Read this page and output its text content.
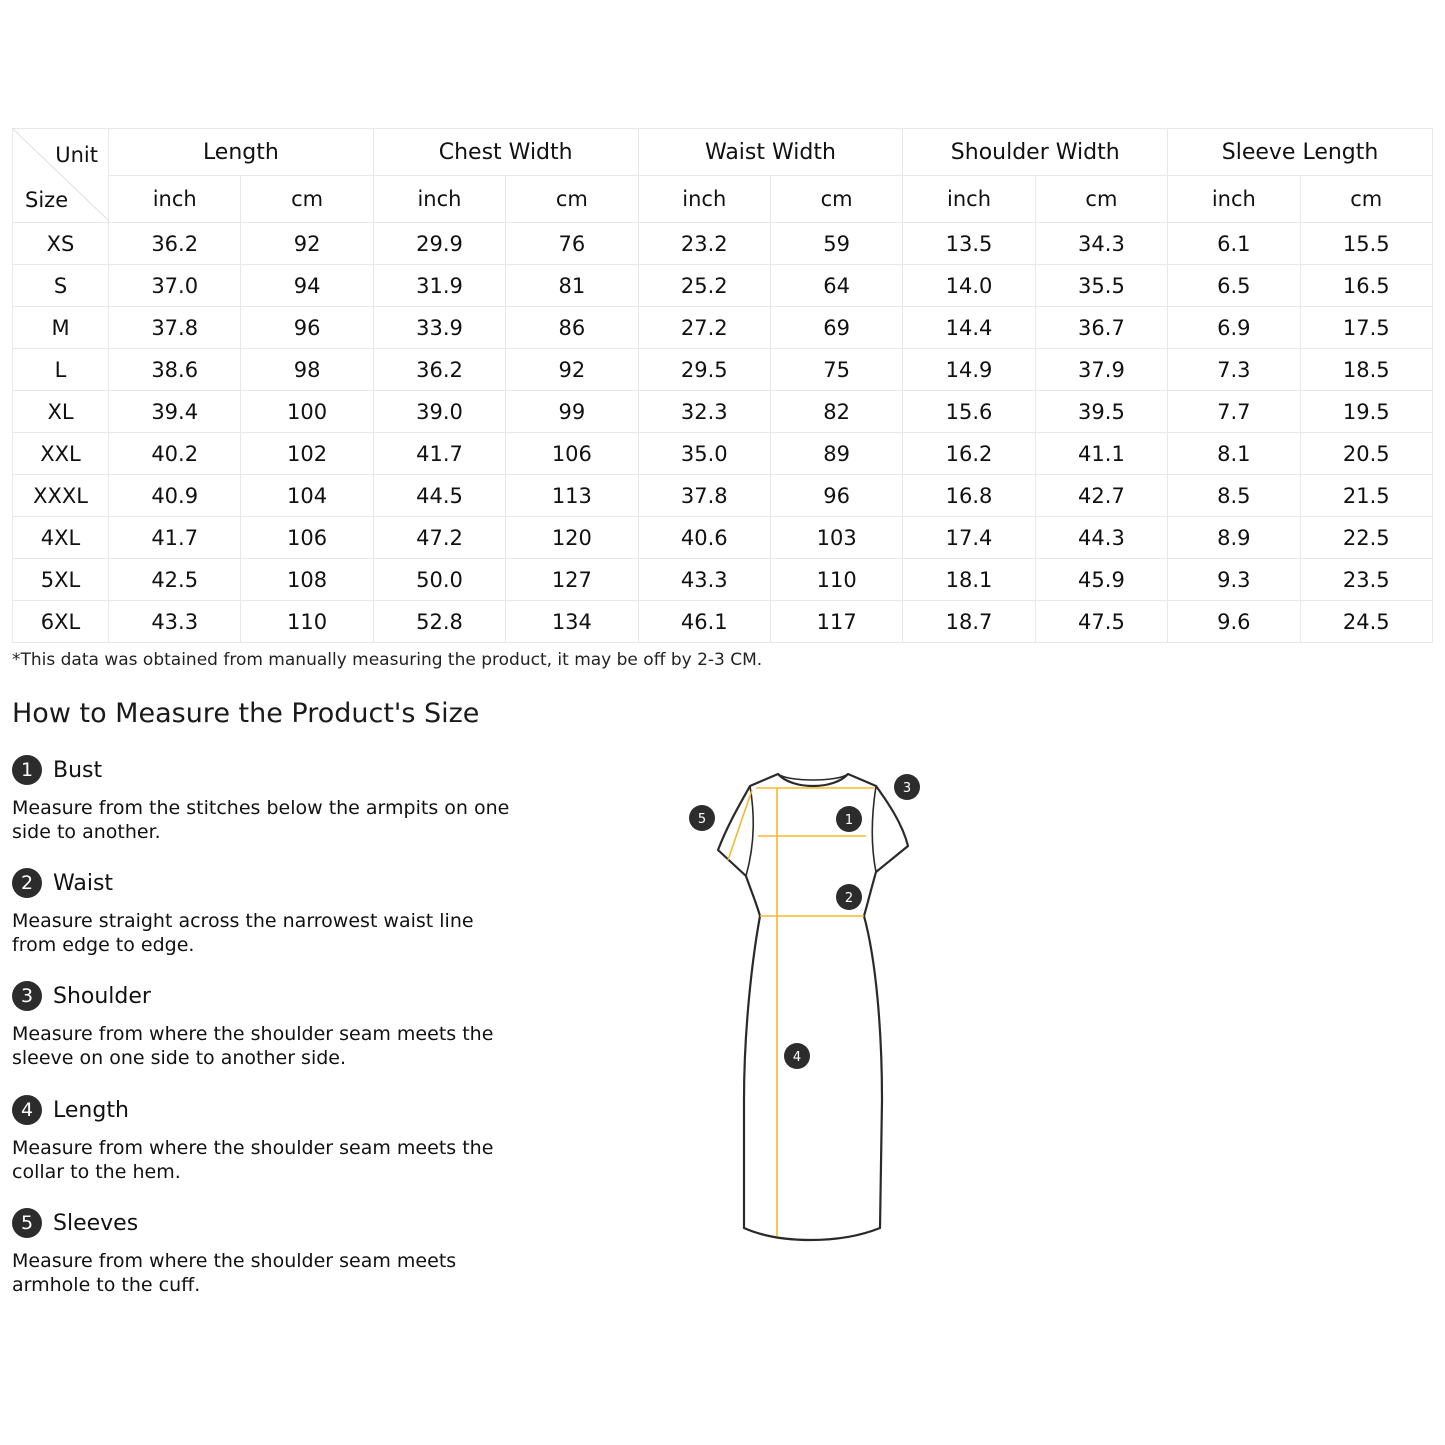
Unit
Size	Length		Chest Width		Waist Width		Shoulder Width		Sleeve Length	
	inch	cm	inch	cm	inch	cm	inch	cm	inch	cm
XS	36.2	92	29.9	76	23.2	59	13.5	34.3	6.1	15.5
S	37.0	94	31.9	81	25.2	64	14.0	35.5	6.5	16.5
M	37.8	96	33.9	86	27.2	69	14.4	36.7	6.9	17.5
L	38.6	98	36.2	92	29.5	75	14.9	37.9	7.3	18.5
XL	39.4	100	39.0	99	32.3	82	15.6	39.5	7.7	19.5
XXL	40.2	102	41.7	106	35.0	89	16.2	41.1	8.1	20.5
XXXL	40.9	104	44.5	113	37.8	96	16.8	42.7	8.5	21.5
4XL	41.7	106	47.2	120	40.6	103	17.4	44.3	8.9	22.5
5XL	42.5	108	50.0	127	43.3	110	18.1	45.9	9.3	23.5
6XL	43.3	110	52.8	134	46.1	117	18.7	47.5	9.6	24.5
*This data was obtained from manually measuring the product, it may be off by 2-3 CM.
How to Measure the Product's Size
1 Bust
Measure from the stitches below the armpits on one side to another.
2 Waist
Measure straight across the narrowest waist line from edge to edge.
3 Shoulder
Measure from where the shoulder seam meets the sleeve on one side to another side.
4 Length
Measure from where the shoulder seam meets the collar to the hem.
5 Sleeves
Measure from where the shoulder seam meets armhole to the cuff.
1
2
3
4
5
